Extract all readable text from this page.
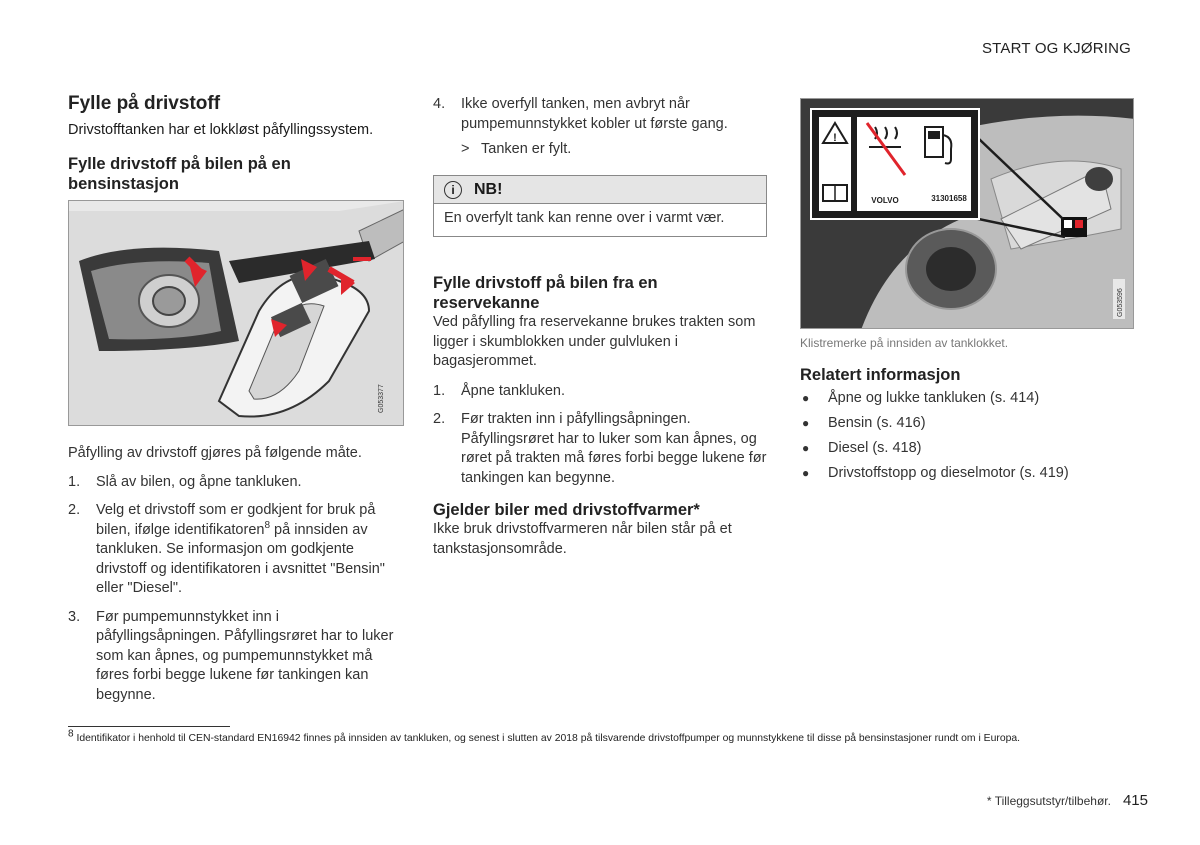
START OG KJØRING
Fylle på drivstoff

Drivstofftanken har et lokkløst påfyllingssystem.

Fylle drivstoff på bilen på en bensinstasjon
G053377

Påfylling av drivstoff gjøres på følgende måte.

1.	Slå av bilen, og åpne tankluken.
2.	Velg et drivstoff som er godkjent for bruk på bilen, ifølge identifikatoren$^8$ på innsiden av tankluken. Se informasjon om godkjente drivstoff og identifikatoren i avsnittet "Bensin" eller "Diesel".
3.	Før pumpemunnstykket inn i påfyllingsåpningen. Påfyllingsrøret har to luker som kan åpnes, og pumpemunnstykket må føres forbi begge lukene før tankingen kan begynne.
4.	Ikke overfyll tanken, men avbryt når pumpemunnstykket kobler ut første gang.
> Tanken er fylt.
i	NB!
En overfylt tank kan renne over i varmt vær.
Fylle drivstoff på bilen fra en reservekanne

Ved påfylling fra reservekanne brukes trakten som ligger i skumblokken under gulvluken i bagasjerommet.

1.	Åpne tankluken.
2.	Før trakten inn i påfyllingsåpningen. Påfyllingsrøret har to luker som kan åpnes, og røret på trakten må føres forbi begge lukene før tankingen kan begynne.
Gjelder biler med drivstoffvarmer*

Ikke bruk drivstoffvarmeren når bilen står på et tankstasjonsområde.

!
VOLVO	31301658
G053596

Klistremerke på innsiden av tanklokket.

Relatert informasjon
●	Åpne og lukke tankluken (s. 414)
●	Bensin (s. 416)
●	Diesel (s. 418)
●	Drivstoffstopp og dieselmotor (s. 419)
$^8$ Identifikator i henhold til CEN-standard EN16942 finnes på innsiden av tankluken, og senest i slutten av 2018 på tilsvarende drivstoffpumper og munnstykkene til disse på bensinstasjoner rundt om i Europa.
* Tilleggsutstyr/tilbehør. 415
